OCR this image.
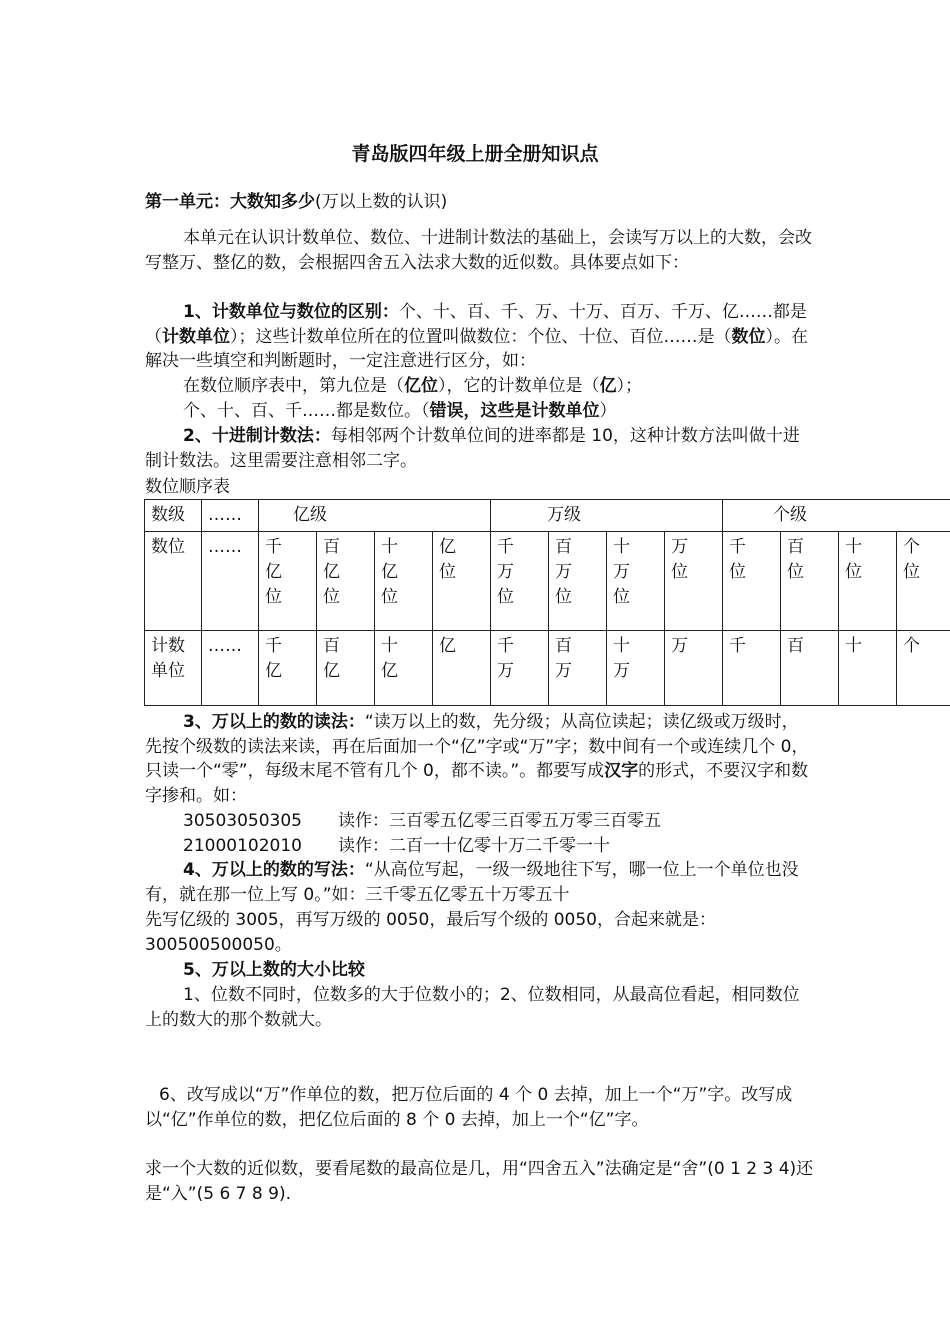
青岛版四年级上册全册知识点

第一单元：大数知多少(万以上数的认识)

本单元在认识计数单位、数位、十进制计数法的基础上，会读写万以上的大数，会改写整万、整亿的数，会根据四舍五入法求大数的近似数。具体要点如下：

1、计数单位与数位的区别：个、十、百、千、万、十万、百万、千万、亿……都是（计数单位）；这些计数单位所在的位置叫做数位：个位、十位、百位……是（数位）。在解决一些填空和判断题时，一定注意进行区分，如：

在数位顺序表中，第九位是（亿位），它的计数单位是（亿）；

个、十、百、千……都是数位。（错误，这些是计数单位）

2、十进制计数法：每相邻两个计数单位间的进率都是 10，这种计数方法叫做十进制计数法。这里需要注意相邻二字。

数位顺序表

数级	……	亿级				万级				个级			
数位	……	千亿位	百亿位	十亿位	亿位	千万位	百万位	十万位	万位	千位	百位	十位	个位

计数单位	……	千亿	百亿	十亿	亿	千万	百万	十万	万	千	百	十	个

3、万以上的数的读法：“读万以上的数，先分级；从高位读起；读亿级或万级时，先按个级数的读法来读，再在后面加一个“亿”字或“万”字；数中间有一个或连续几个 0，只读一个“零”，每级末尾不管有几个 0，都不读。”。都要写成汉字的形式，不要汉字和数字掺和。如：

30503050305 读作：三百零五亿零三百零五万零三百零五

21000102010 读作：二百一十亿零十万二千零一十

4、万以上的数的写法：“从高位写起，一级一级地往下写，哪一位上一个单位也没有，就在那一位上写 0。”如：三千零五亿零五十万零五十

先写亿级的 3005，再写万级的 0050，最后写个级的 0050，合起来就是：

300500500050。

5、万以上数的大小比较

1、位数不同时，位数多的大于位数小的；2、位数相同，从最高位看起，相同数位上的数大的那个数就大。

6、改写成以“万”作单位的数，把万位后面的 4 个 0 去掉，加上一个“万”字。改写成以“亿”作单位的数，把亿位后面的 8 个 0 去掉，加上一个“亿”字。

求一个大数的近似数，要看尾数的最高位是几，用“四舍五入”法确定是“舍”(0 1 2 3 4)还是“入”(5 6 7 8 9).
